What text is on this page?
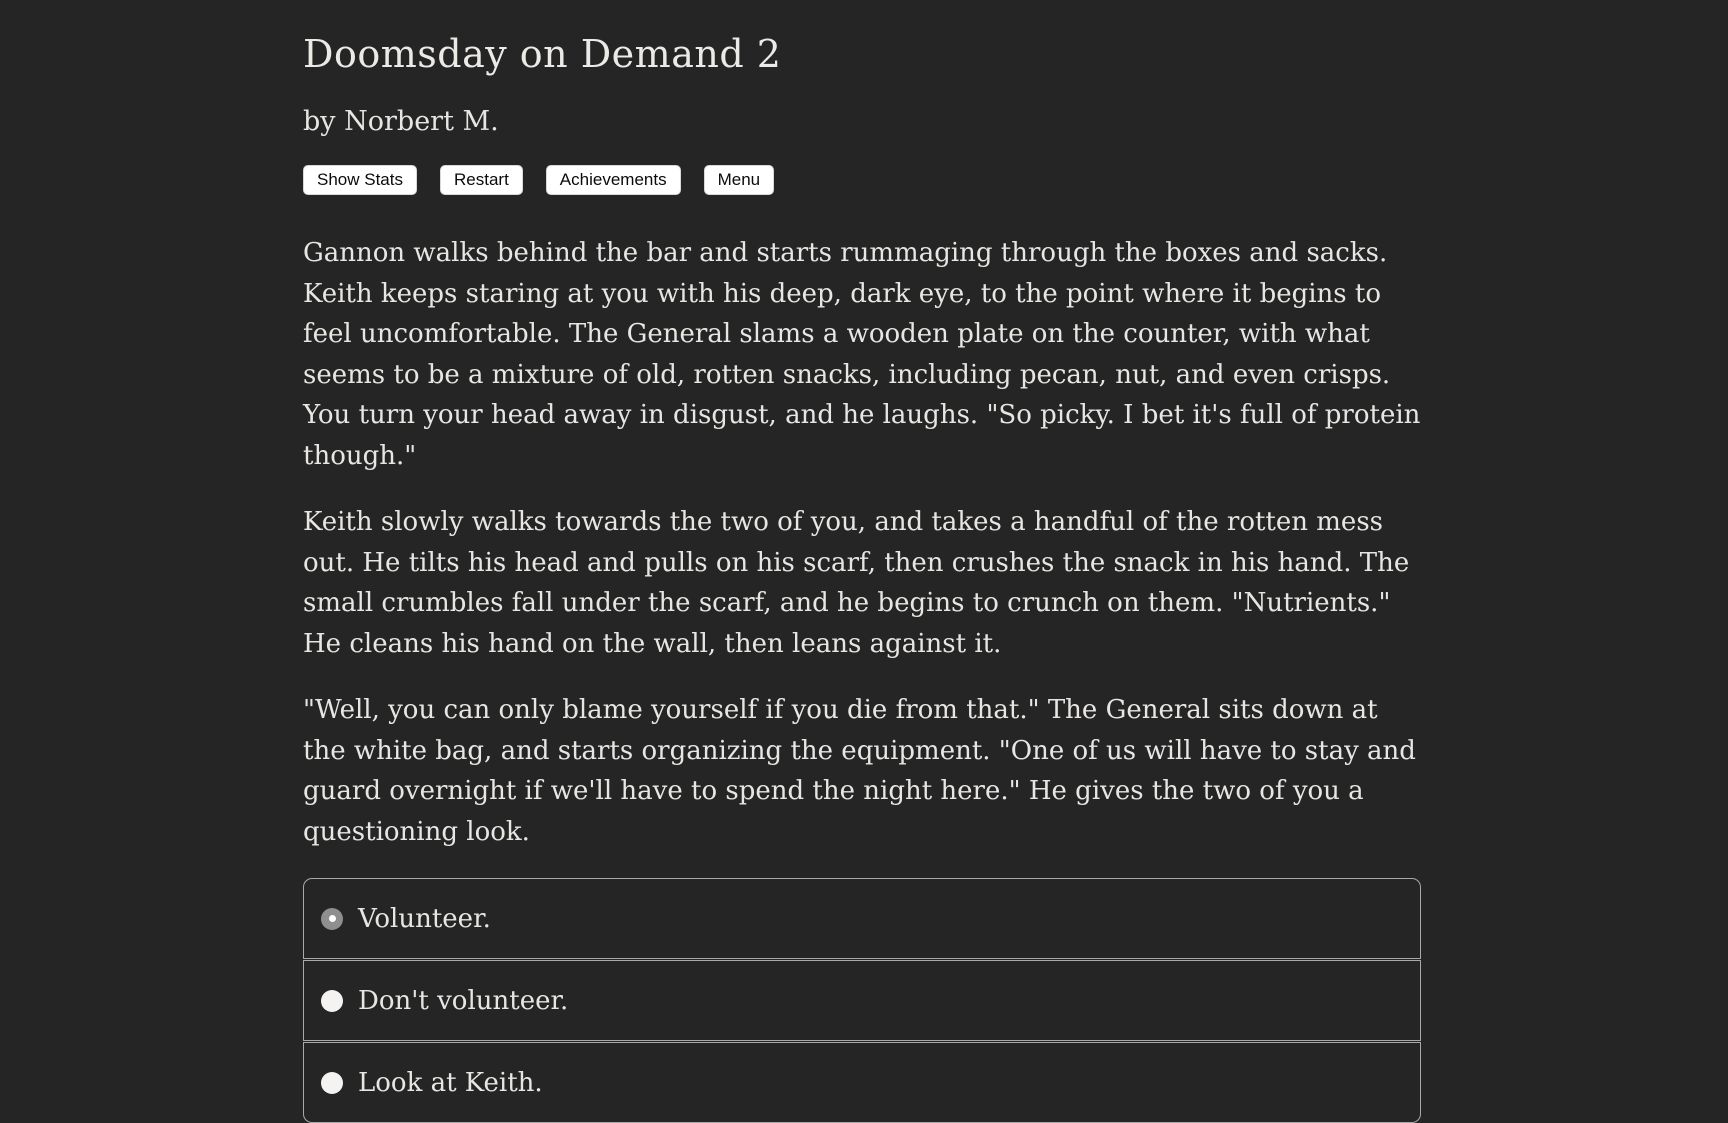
Doomsday on Demand 2
by Norbert M.
Show Stats	Restart	Achievements	Menu

Gannon walks behind the bar and starts rummaging through the boxes and sacks. Keith keeps staring at you with his deep, dark eye, to the point where it begins to feel uncomfortable. The General slams a wooden plate on the counter, with what seems to be a mixture of old, rotten snacks, including pecan, nut, and even crisps. You turn your head away in disgust, and he laughs. "So picky. I bet it's full of protein though."

Keith slowly walks towards the two of you, and takes a handful of the rotten mess out. He tilts his head and pulls on his scarf, then crushes the snack in his hand. The small crumbles fall under the scarf, and he begins to crunch on them. "Nutrients." He cleans his hand on the wall, then leans against it.

"Well, you can only blame yourself if you die from that." The General sits down at the white bag, and starts organizing the equipment. "One of us will have to stay and guard overnight if we'll have to spend the night here." He gives the two of you a questioning look.

Volunteer.
Don't volunteer.
Look at Keith.
